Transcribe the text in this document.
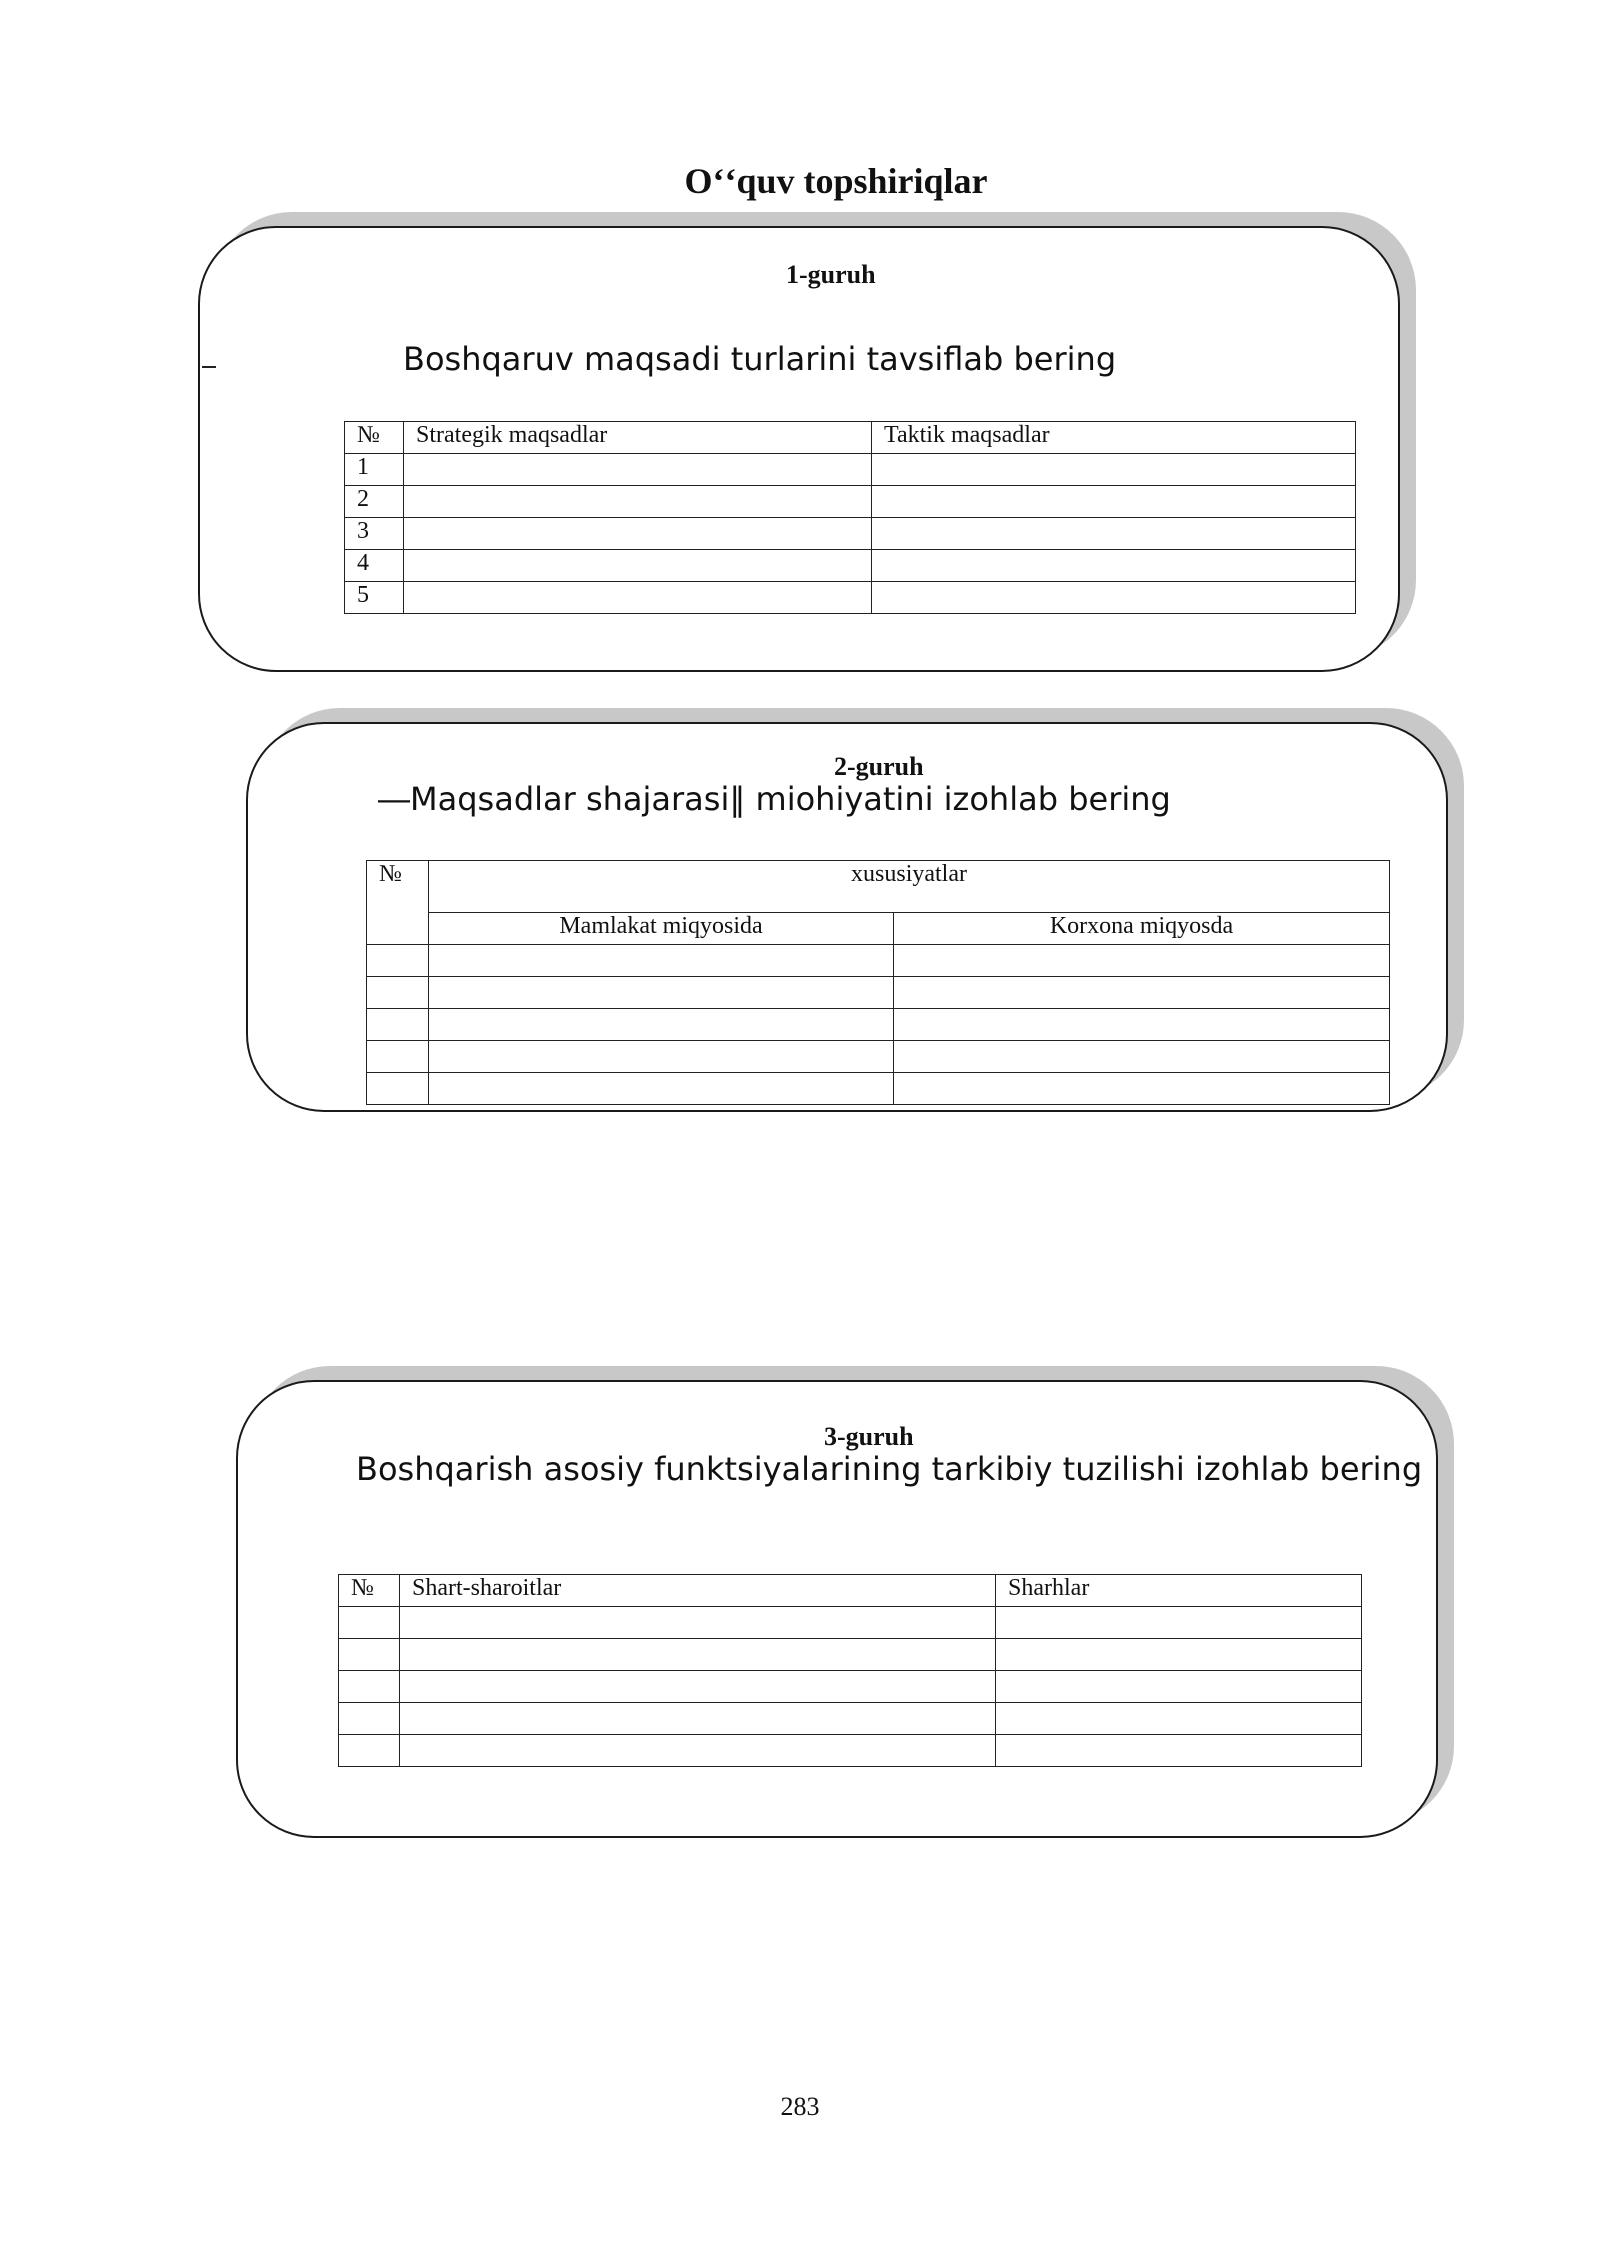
Oʻʻquv topshiriqlar
1-guruh
Boshqaruv maqsadi turlarini tavsiflab bering
№	Strategik maqsadlar	Taktik maqsadlar
1		
2		
3		
4		
5		
2-guruh
―Maqsadlar shajarasi‖ miohiyatini izohlab bering
№	xususiyatlar	
	Mamlakat miqyosida	Korxona miqyosda

3-guruh
Boshqarish asosiy funktsiyalarining tarkibiy tuzilishi izohlab bering
№	Shart-sharoitlar	Sharhlar

283
